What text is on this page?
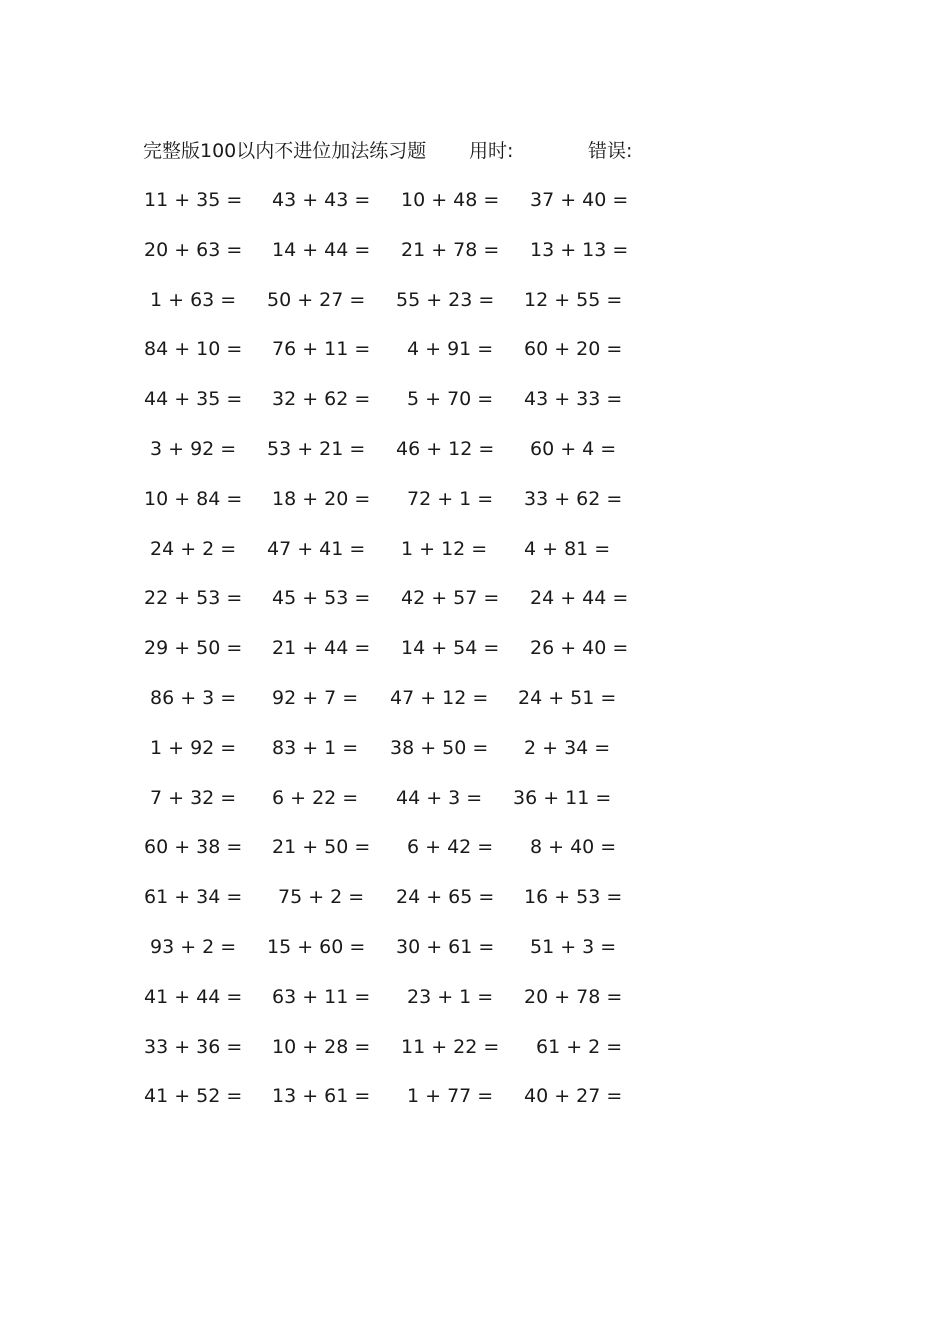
完整版100以内不进位加法练习题 用时:	错误:
11 + 35 =	43 + 43 =	10 + 48 =	37 + 40 =
20 + 63 =	14 + 44 =	21 + 78 =	13 + 13 =
1 + 63 =	50 + 27 =	55 + 23 =	12 + 55 =
84 + 10 =	76 + 11 =	4 + 91 =	60 + 20 =
44 + 35 =	32 + 62 =	5 + 70 =	43 + 33 =
3 + 92 =	53 + 21 =	46 + 12 =	60 + 4 =
10 + 84 =	18 + 20 =	72 + 1 =	33 + 62 =
24 + 2 =	47 + 41 =	1 + 12 =	4 + 81 =
22 + 53 =	45 + 53 =	42 + 57 =	24 + 44 =
29 + 50 =	21 + 44 =	14 + 54 =	26 + 40 =
86 + 3 =	92 + 7 =	47 + 12 =	24 + 51 =
1 + 92 =	83 + 1 =	38 + 50 =	2 + 34 =
7 + 32 =	6 + 22 =	44 + 3 =	36 + 11 =
60 + 38 =	21 + 50 =	6 + 42 =	8 + 40 =
61 + 34 =	75 + 2 =	24 + 65 =	16 + 53 =
93 + 2 =	15 + 60 =	30 + 61 =	51 + 3 =
41 + 44 =	63 + 11 =	23 + 1 =	20 + 78 =
33 + 36 =	10 + 28 =	11 + 22 =	61 + 2 =
41 + 52 =	13 + 61 =	1 + 77 =	40 + 27 =
